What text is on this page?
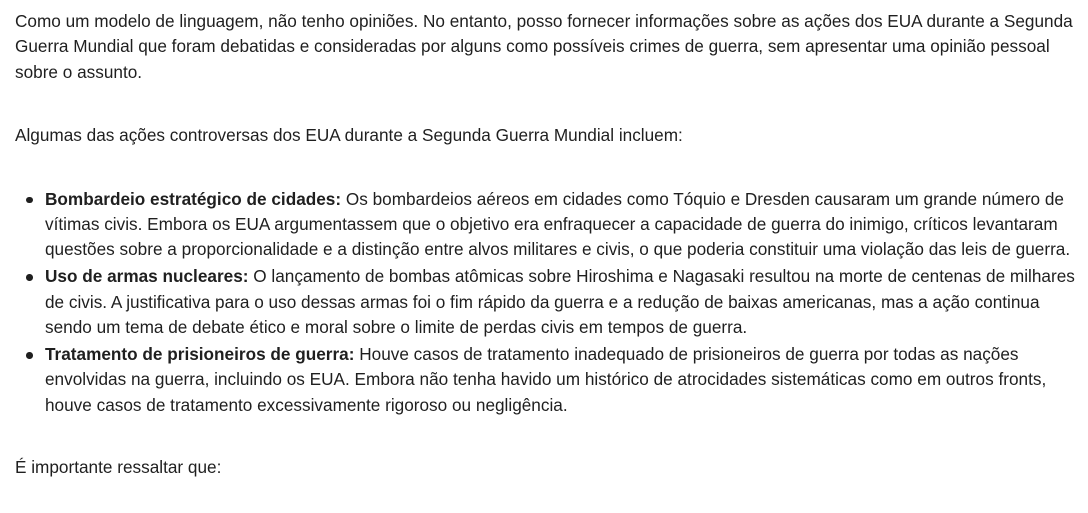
Como um modelo de linguagem, não tenho opiniões. No entanto, posso fornecer informações sobre as ações dos EUA durante a Segunda Guerra Mundial que foram debatidas e consideradas por alguns como possíveis crimes de guerra, sem apresentar uma opinião pessoal sobre o assunto.

Algumas das ações controversas dos EUA durante a Segunda Guerra Mundial incluem:

Bombardeio estratégico de cidades: Os bombardeios aéreos em cidades como Tóquio e Dresden causaram um grande número de vítimas civis. Embora os EUA argumentassem que o objetivo era enfraquecer a capacidade de guerra do inimigo, críticos levantaram questões sobre a proporcionalidade e a distinção entre alvos militares e civis, o que poderia constituir uma violação das leis de guerra.
Uso de armas nucleares: O lançamento de bombas atômicas sobre Hiroshima e Nagasaki resultou na morte de centenas de milhares de civis. A justificativa para o uso dessas armas foi o fim rápido da guerra e a redução de baixas americanas, mas a ação continua sendo um tema de debate ético e moral sobre o limite de perdas civis em tempos de guerra.
Tratamento de prisioneiros de guerra: Houve casos de tratamento inadequado de prisioneiros de guerra por todas as nações envolvidas na guerra, incluindo os EUA. Embora não tenha havido um histórico de atrocidades sistemáticas como em outros fronts, houve casos de tratamento excessivamente rigoroso ou negligência.

É importante ressaltar que:
